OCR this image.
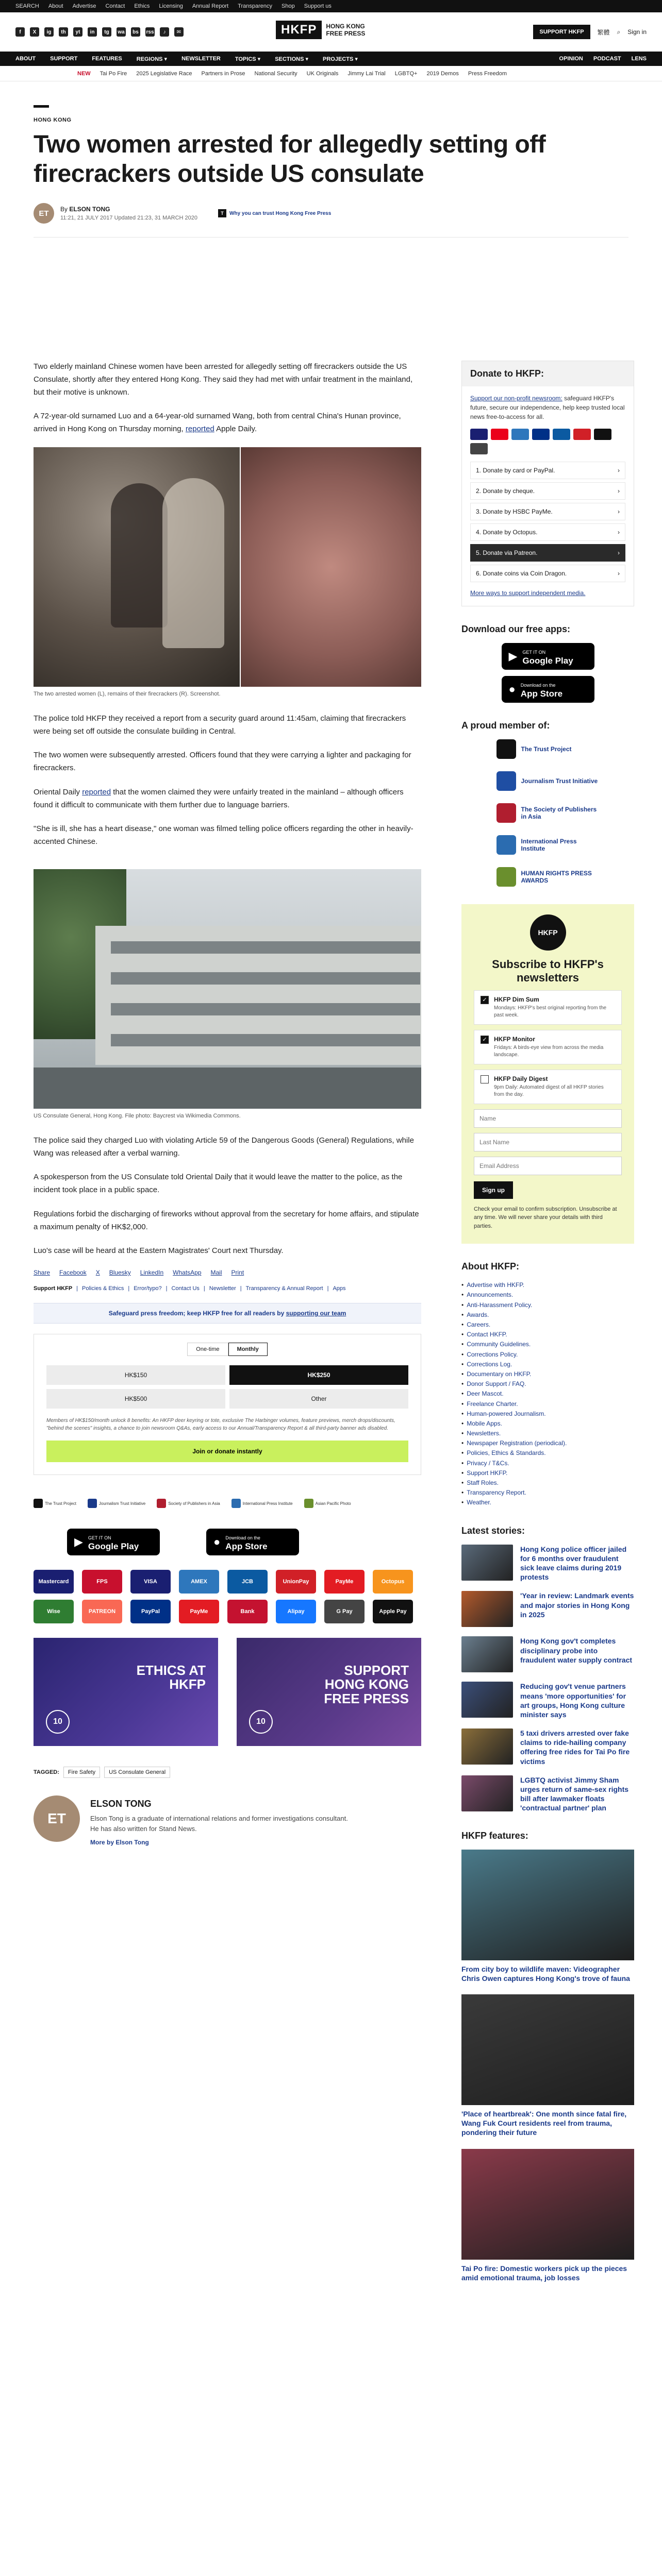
SEARCH About Advertise Contact Ethics Licensing Annual Report Transparency Shop Support us
f	X	ig	th	yt	in	tg	wa	bs	rss	♪	✉	HKFP	HONG KONG
FREE PRESS	SUPPORT HKFP	繁體 ⌕ Sign in
ABOUT	SUPPORT	FEATURES	REGIONS ▾	NEWSLETTER	TOPICS ▾	SECTIONS ▾	PROJECTS ▾	OPINION PODCAST LENS
NEW Tai Po Fire 2025 Legislative Race Partners in Prose National Security UK Originals Jimmy Lai Trial LGBTQ+ 2019 Demos Press Freedom
HONG KONG
Two women arrested for allegedly setting off firecrackers outside US consulate
ET	By ELSON TONG
11:21, 21 JULY 2017 Updated 21:23, 31 MARCH 2020
T	Why you can trust Hong Kong Free Press

Two elderly mainland Chinese women have been arrested for allegedly setting off firecrackers outside the US Consulate, shortly after they entered Hong Kong. They said they had met with unfair treatment in the mainland, but their motive is unknown.

A 72-year-old surnamed Luo and a 64-year-old surnamed Wang, both from central China's Hunan province, arrived in Hong Kong on Thursday morning, reported Apple Daily.

The two arrested women (L), remains of their firecrackers (R). Screenshot.

The police told HKFP they received a report from a security guard around 11:45am, claiming that firecrackers were being set off outside the consulate building in Central.

The two women were subsequently arrested. Officers found that they were carrying a lighter and packaging for firecrackers.

Oriental Daily reported that the women claimed they were unfairly treated in the mainland – although officers found it difficult to communicate with them further due to language barriers.

"She is ill, she has a heart disease," one woman was filmed telling police officers regarding the other in heavily-accented Chinese.

US Consulate General, Hong Kong. File photo: Baycrest via Wikimedia Commons.

The police said they charged Luo with violating Article 59 of the Dangerous Goods (General) Regulations, while Wang was released after a verbal warning.

A spokesperson from the US Consulate told Oriental Daily that it would leave the matter to the police, as the incident took place in a public space.

Regulations forbid the discharging of fireworks without approval from the secretary for home affairs, and stipulate a maximum penalty of HK$2,000.

Luo's case will be heard at the Eastern Magistrates' Court next Thursday.

Share Facebook X Bluesky LinkedIn WhatsApp Mail Print
Support HKFP | Policies & Ethics | Error/typo? | Contact Us | Newsletter | Transparency & Annual Report | Apps
Safeguard press freedom; keep HKFP free for all readers by supporting our team
One-time	Monthly
HK$150	HK$250
HK$500	Other
Members of HK$150/month unlock 8 benefits: An HKFP deer keyring or tote, exclusive The Harbinger volumes, feature previews, merch drops/discounts, "behind the scenes" insights, a chance to join newsroom Q&As, early access to our Annual/Transparency Report & all third-party banner ads disabled.
Join or donate instantly
The Trust Project	Journalism Trust Initiative	Society of Publishers in Asia	International Press Institute	Asian Pacific Photo
▶ GET IT ON
Google Play	● Download on the
App Store
Mastercard	FPS	VISA	AMEX	JCB	UnionPay	PayMe	Octopus
Wise	PATREON	PayPal	PayMe	Bank	Alipay	G Pay	Apple Pay
ETHICS AT HKFP
10
SUPPORT HONG KONG FREE PRESS
10
TAGGED:	Fire Safety	US Consulate General
ET
ELSON TONG
Elson Tong is a graduate of international relations and former investigations consultant. He has also written for Stand News.
More by Elson Tong
Donate to HKFP:
Support our non-profit newsroom: safeguard HKFP's future, secure our independence, help keep trusted local news free-to-access for all.
1. Donate by card or PayPal.	›
2. Donate by cheque.	›
3. Donate by HSBC PayMe.	›
4. Donate by Octopus.	›
5. Donate via Patreon.	›
6. Donate coins via Coin Dragon.	›
More ways to support independent media.
Download our free apps:
▶ GET IT ON
Google Play
● Download on the
App Store
A proud member of:
The Trust Project
Journalism Trust Initiative
The Society of Publishers in Asia
International Press Institute
HUMAN RIGHTS PRESS AWARDS
HKFP
Subscribe to HKFP's newsletters
✓ HKFP Dim Sum
Mondays: HKFP's best original reporting from the past week.
✓ HKFP Monitor
Fridays: A birds-eye view from across the media landscape.
HKFP Daily Digest
9pm Daily: Automated digest of all HKFP stories from the day.
Name Last Name Email Address Sign up
Check your email to confirm subscription. Unsubscribe at any time. We will never share your details with third parties.
About HKFP:
• Advertise with HKFP.
• Announcements.
• Anti-Harassment Policy.
• Awards.
• Careers.
• Contact HKFP.
• Community Guidelines.
• Corrections Policy.
• Corrections Log.
• Documentary on HKFP.
• Donor Support / FAQ.
• Deer Mascot.
• Freelance Charter.
• Human-powered Journalism.
• Mobile Apps.
• Newsletters.
• Newspaper Registration (periodical).
• Policies, Ethics & Standards.
• Privacy / T&Cs.
• Support HKFP.
• Staff Roles.
• Transparency Report.
• Weather.
Latest stories:
Hong Kong police officer jailed for 6 months over fraudulent sick leave claims during 2019 protests
'Year in review: Landmark events and major stories in Hong Kong in 2025
Hong Kong gov't completes disciplinary probe into fraudulent water supply contract
Reducing gov't venue partners means 'more opportunities' for art groups, Hong Kong culture minister says
5 taxi drivers arrested over fake claims to ride-hailing company offering free rides for Tai Po fire victims
LGBTQ activist Jimmy Sham urges return of same-sex rights bill after lawmaker floats 'contractual partner' plan
HKFP features:
From city boy to wildlife maven: Videographer Chris Owen captures Hong Kong's trove of fauna
'Place of heartbreak': One month since fatal fire, Wang Fuk Court residents reel from trauma, pondering their future
Tai Po fire: Domestic workers pick up the pieces amid emotional trauma, job losses
